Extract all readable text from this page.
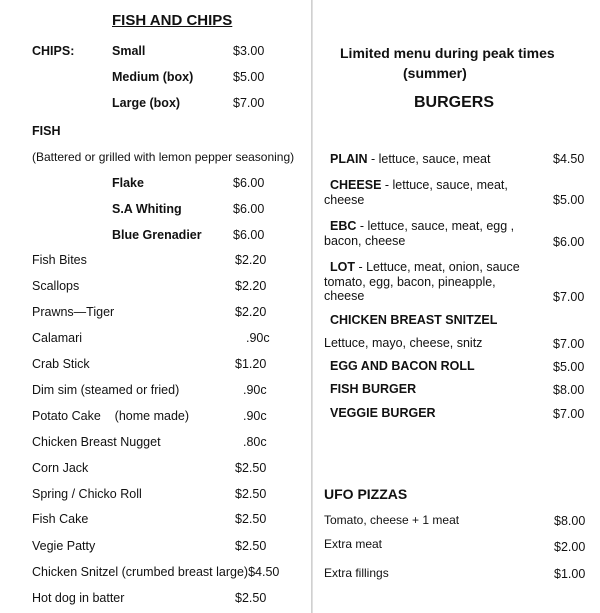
FISH AND CHIPS
CHIPS:	Small	$3.00
Medium (box)	$5.00
Large (box)	$7.00
FISH
(Battered or grilled with lemon pepper seasoning)
Flake	$6.00
S.A Whiting	$6.00
Blue Grenadier	$6.00
Fish Bites	$2.20
Scallops	$2.20
Prawns—Tiger	$2.20
Calamari	.90c
Crab Stick	$1.20
Dim sim (steamed or fried)	.90c
Potato Cake    (home made)	.90c
Chicken Breast Nugget	.80c
Corn Jack	$2.50
Spring / Chicko Roll	$2.50
Fish Cake	$2.50
Vegie Patty	$2.50
Chicken Snitzel (crumbed breast large)$4.50
Hot dog in batter	$2.50
Limited menu during peak times
(summer)
BURGERS
PLAIN - lettuce, sauce, meat	$4.50
CHEESE - lettuce, sauce, meat,
cheese	$5.00
EBC - lettuce, sauce, meat, egg ,
bacon, cheese	$6.00
LOT - Lettuce, meat, onion, sauce
tomato, egg, bacon, pineapple,
cheese	$7.00
CHICKEN BREAST SNITZEL
Lettuce, mayo, cheese, snitz	$7.00
EGG AND BACON ROLL	$5.00
FISH BURGER	$8.00
VEGGIE BURGER	$7.00
UFO PIZZAS
Tomato, cheese + 1 meat	$8.00
Extra meat	$2.00
Extra fillings	$1.00
